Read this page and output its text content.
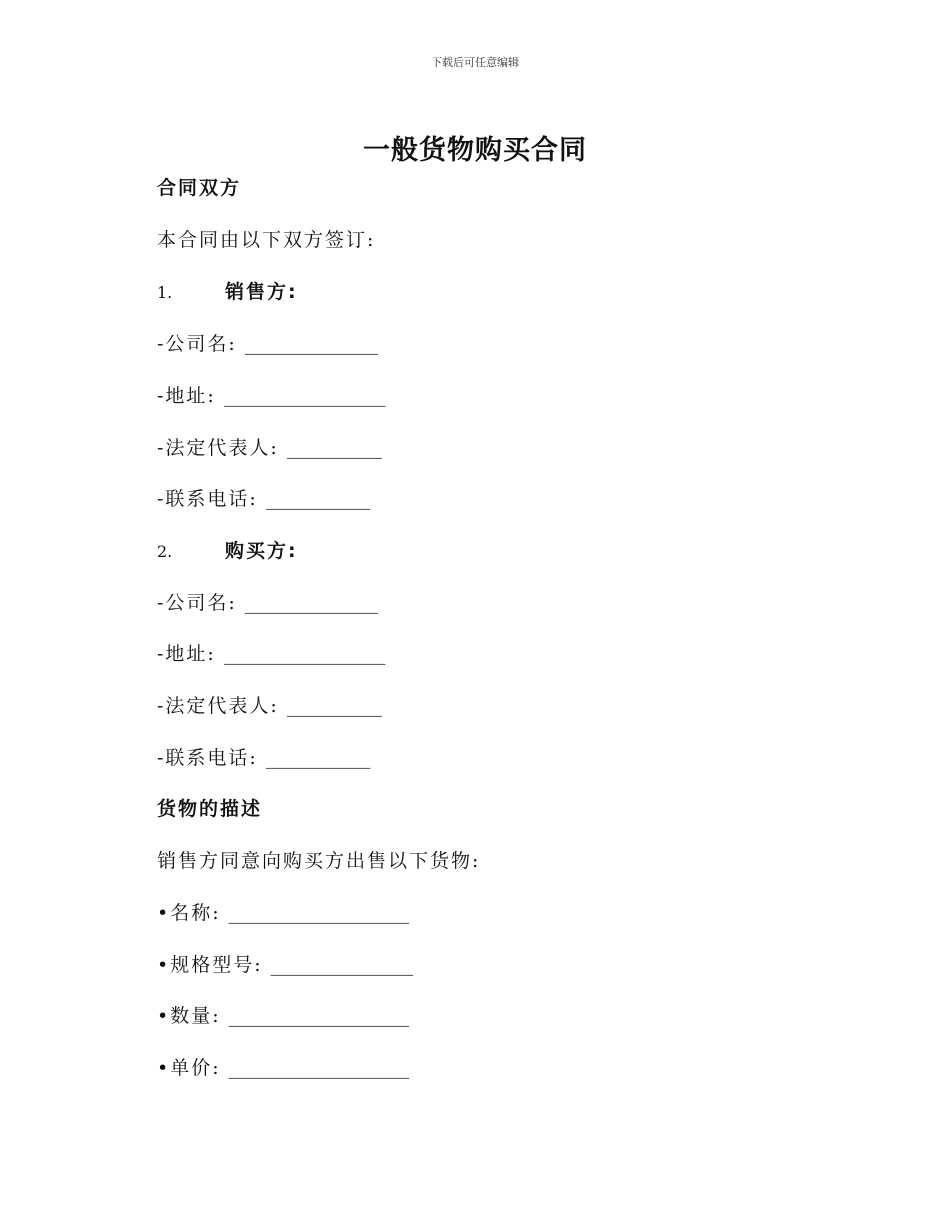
下载后可任意编辑
一般货物购买合同
合同双方
本合同由以下双方签订:
1.	销售方:
-公司名: ______________
-地址: _________________
-法定代表人: __________
-联系电话: ___________
2.	购买方:
-公司名: ______________
-地址: _________________
-法定代表人: __________
-联系电话: ___________
货物的描述
销售方同意向购买方出售以下货物:
•名称: ___________________
•规格型号: _______________
•数量: ___________________
•单价: ___________________
